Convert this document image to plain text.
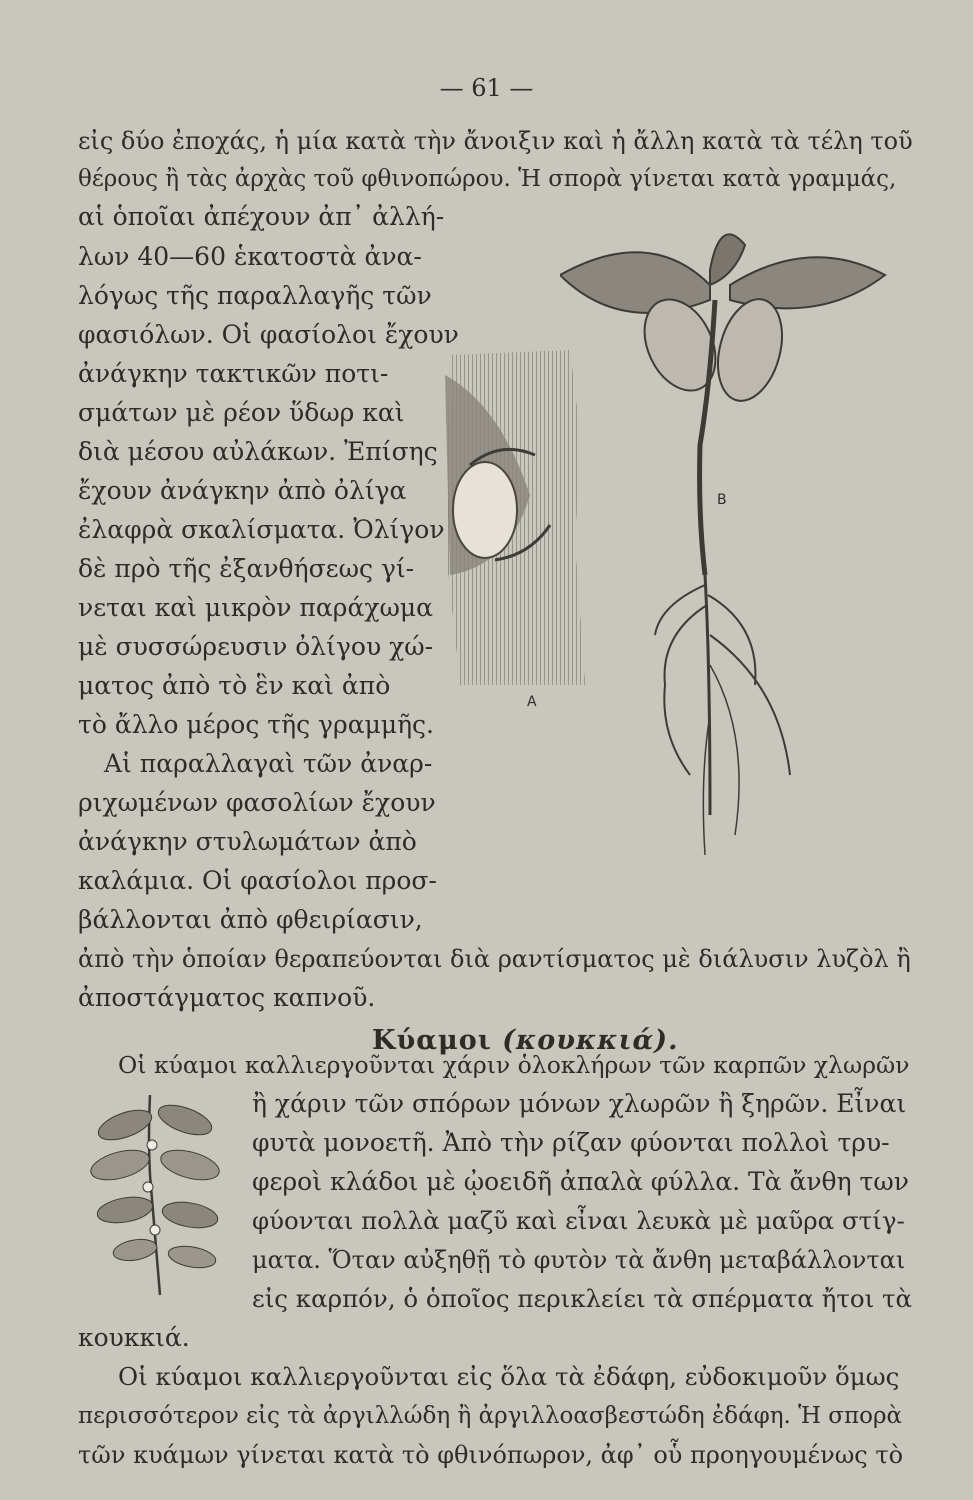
— 61 —
εἰς δύο ἐποχάς, ἡ μία κατὰ τὴν ἄνοιξιν καὶ ἡ ἄλλη κατὰ τὰ τέλη τοῦ
θέρους ἢ τὰς ἀρχὰς τοῦ φθινοπώρου. Ἡ σπορὰ γίνεται κατὰ γραμμάς,
αἱ ὁποῖαι ἀπέχουν ἀπ᾽ ἀλλή-
λων 40—60 ἑκατοστὰ ἀνα-
λόγως τῆς παραλλαγῆς τῶν
φασιόλων. Οἱ φασίολοι ἔχουν
ἀνάγκην τακτικῶν ποτι-
σμάτων μὲ ρέον ὕδωρ καὶ
διὰ μέσου αὐλάκων. Ἐπίσης
ἔχουν ἀνάγκην ἀπὸ ὀλίγα
ἐλαφρὰ σκαλίσματα. Ὀλίγον
δὲ πρὸ τῆς ἐξανθήσεως γί-
νεται καὶ μικρὸν παράχωμα
μὲ συσσώρευσιν ὀλίγου χώ-
ματος ἀπὸ τὸ ἓν καὶ ἀπὸ
τὸ ἄλλο μέρος τῆς γραμμῆς.
Αἱ παραλλαγαὶ τῶν ἀναρ-
ριχωμένων φασολίων ἔχουν
ἀνάγκην στυλωμάτων ἀπὸ
καλάμια. Οἱ φασίολοι προσ-
βάλλονται ἀπὸ φθειρίασιν,
ἀπὸ τὴν ὁποίαν θεραπεύονται διὰ ραντίσματος μὲ διάλυσιν λυζὸλ ἢ
ἀποστάγματος καπνοῦ.
A
B
Κύαμοι (κουκκιά).
Οἱ κύαμοι καλλιεργοῦνται χάριν ὁλοκλήρων τῶν καρπῶν χλωρῶν
ἢ χάριν τῶν σπόρων μόνων χλωρῶν ἢ ξηρῶν. Εἶναι
φυτὰ μονοετῆ. Ἀπὸ τὴν ρίζαν φύονται πολλοὶ τρυ-
φεροὶ κλάδοι μὲ ᾠοειδῆ ἀπαλὰ φύλλα. Τὰ ἄνθη των
φύονται πολλὰ μαζῦ καὶ εἶναι λευκὰ μὲ μαῦρα στίγ-
ματα. Ὅταν αὐξηθῇ τὸ φυτὸν τὰ ἄνθη μεταβάλλονται
εἰς καρπόν, ὁ ὁποῖος περικλείει τὰ σπέρματα ἤτοι τὰ
κουκκιά.
Οἱ κύαμοι καλλιεργοῦνται εἰς ὅλα τὰ ἐδάφη, εὐδοκιμοῦν ὅμως
περισσότερον εἰς τὰ ἀργιλλώδη ἢ ἀργιλλοασβεστώδη ἐδάφη. Ἡ σπορὰ
τῶν κυάμων γίνεται κατὰ τὸ φθινόπωρον, ἀφ᾽ οὗ προηγουμένως τὸ
